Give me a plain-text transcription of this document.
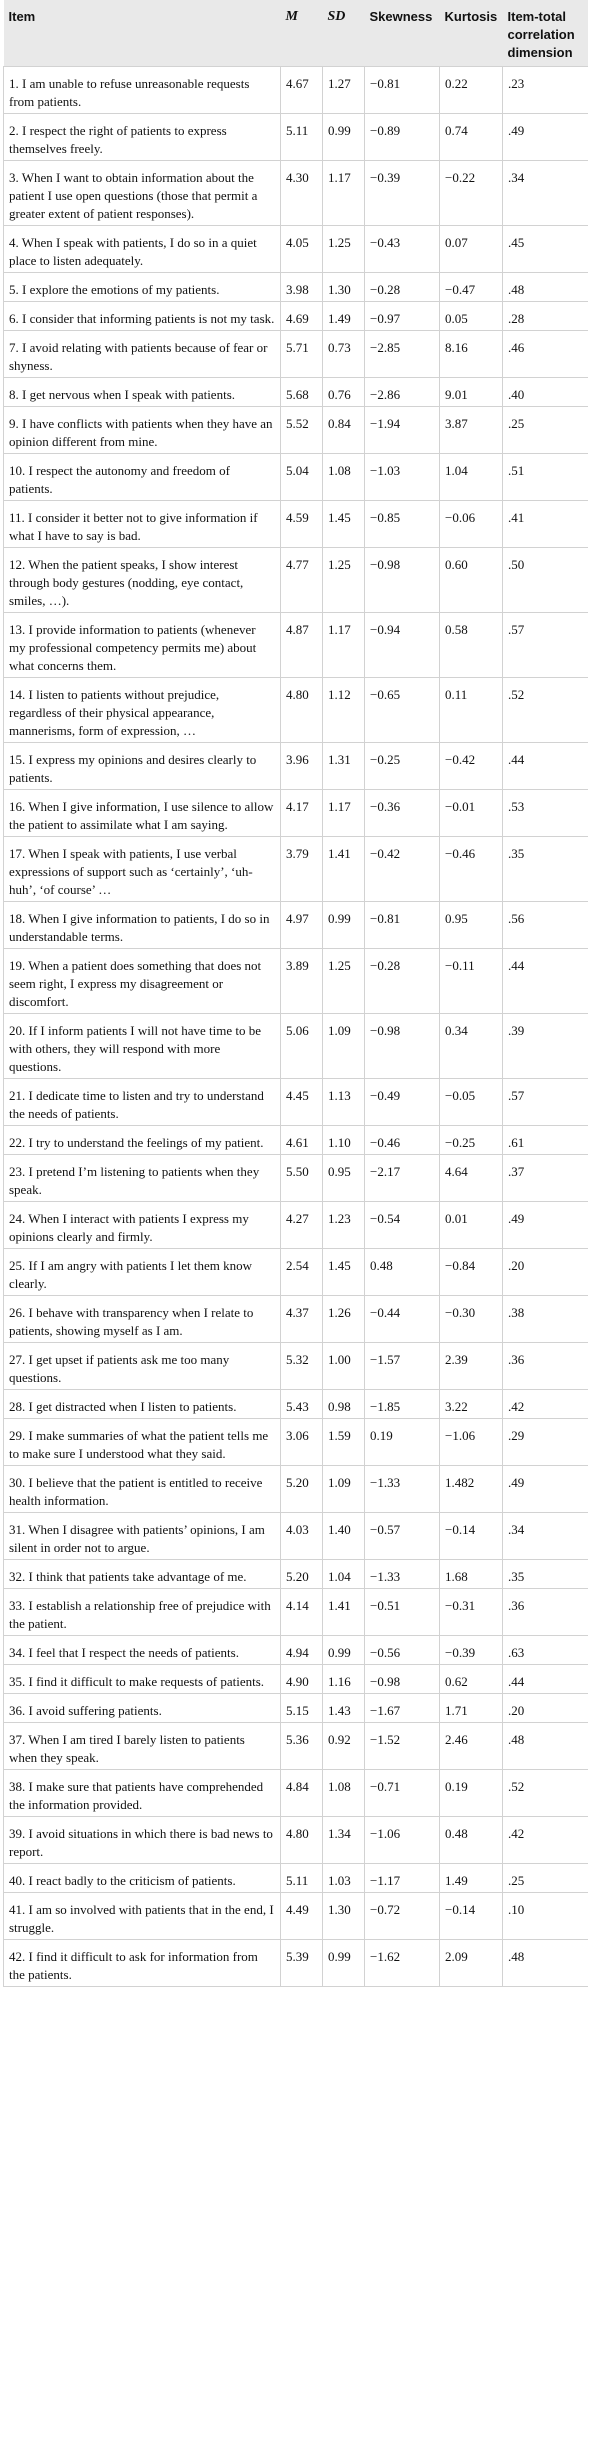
Item	M	SD	Skewness	Kurtosis	Item-total correlation dimension
1. I am unable to refuse unreasonable requests from patients.	4.67	1.27	−0.81	0.22	.23
2. I respect the right of patients to express themselves freely.	5.11	0.99	−0.89	0.74	.49
3. When I want to obtain information about the patient I use open questions (those that permit a greater extent of patient responses).	4.30	1.17	−0.39	−0.22	.34
4. When I speak with patients, I do so in a quiet place to listen adequately.	4.05	1.25	−0.43	0.07	.45
5. I explore the emotions of my patients.	3.98	1.30	−0.28	−0.47	.48
6. I consider that informing patients is not my task.	4.69	1.49	−0.97	0.05	.28
7. I avoid relating with patients because of fear or shyness.	5.71	0.73	−2.85	8.16	.46
8. I get nervous when I speak with patients.	5.68	0.76	−2.86	9.01	.40
9. I have conflicts with patients when they have an opinion different from mine.	5.52	0.84	−1.94	3.87	.25
10. I respect the autonomy and freedom of patients.	5.04	1.08	−1.03	1.04	.51
11. I consider it better not to give information if what I have to say is bad.	4.59	1.45	−0.85	−0.06	.41
12. When the patient speaks, I show interest through body gestures (nodding, eye contact, smiles, …).	4.77	1.25	−0.98	0.60	.50
13. I provide information to patients (whenever my professional competency permits me) about what concerns them.	4.87	1.17	−0.94	0.58	.57
14. I listen to patients without prejudice, regardless of their physical appearance, mannerisms, form of expression, …	4.80	1.12	−0.65	0.11	.52
15. I express my opinions and desires clearly to patients.	3.96	1.31	−0.25	−0.42	.44
16. When I give information, I use silence to allow the patient to assimilate what I am saying.	4.17	1.17	−0.36	−0.01	.53
17. When I speak with patients, I use verbal expressions of support such as ‘certainly’, ‘uh-huh’, ‘of course’ …	3.79	1.41	−0.42	−0.46	.35
18. When I give information to patients, I do so in understandable terms.	4.97	0.99	−0.81	0.95	.56
19. When a patient does something that does not seem right, I express my disagreement or discomfort.	3.89	1.25	−0.28	−0.11	.44
20. If I inform patients I will not have time to be with others, they will respond with more questions.	5.06	1.09	−0.98	0.34	.39
21. I dedicate time to listen and try to understand the needs of patients.	4.45	1.13	−0.49	−0.05	.57
22. I try to understand the feelings of my patient.	4.61	1.10	−0.46	−0.25	.61
23. I pretend I’m listening to patients when they speak.	5.50	0.95	−2.17	4.64	.37
24. When I interact with patients I express my opinions clearly and firmly.	4.27	1.23	−0.54	0.01	.49
25. If I am angry with patients I let them know clearly.	2.54	1.45	0.48	−0.84	.20
26. I behave with transparency when I relate to patients, showing myself as I am.	4.37	1.26	−0.44	−0.30	.38
27. I get upset if patients ask me too many questions.	5.32	1.00	−1.57	2.39	.36
28. I get distracted when I listen to patients.	5.43	0.98	−1.85	3.22	.42
29. I make summaries of what the patient tells me to make sure I understood what they said.	3.06	1.59	0.19	−1.06	.29
30. I believe that the patient is entitled to receive health information.	5.20	1.09	−1.33	1.482	.49
31. When I disagree with patients’ opinions, I am silent in order not to argue.	4.03	1.40	−0.57	−0.14	.34
32. I think that patients take advantage of me.	5.20	1.04	−1.33	1.68	.35
33. I establish a relationship free of prejudice with the patient.	4.14	1.41	−0.51	−0.31	.36
34. I feel that I respect the needs of patients.	4.94	0.99	−0.56	−0.39	.63
35. I find it difficult to make requests of patients.	4.90	1.16	−0.98	0.62	.44
36. I avoid suffering patients.	5.15	1.43	−1.67	1.71	.20
37. When I am tired I barely listen to patients when they speak.	5.36	0.92	−1.52	2.46	.48
38. I make sure that patients have comprehended the information provided.	4.84	1.08	−0.71	0.19	.52
39. I avoid situations in which there is bad news to report.	4.80	1.34	−1.06	0.48	.42
40. I react badly to the criticism of patients.	5.11	1.03	−1.17	1.49	.25
41. I am so involved with patients that in the end, I struggle.	4.49	1.30	−0.72	−0.14	.10
42. I find it difficult to ask for information from the patients.	5.39	0.99	−1.62	2.09	.48
